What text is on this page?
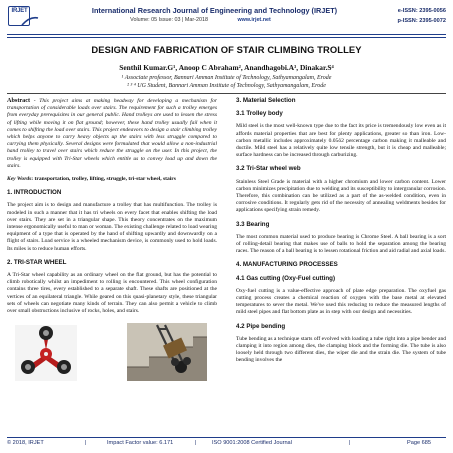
IRJET	International Research Journal of Engineering and Technology (IRJET)
Volume: 05 Issue: 03 | Mar-2018	www.irjet.net
e-ISSN: 2395-0056
p-ISSN: 2395-0072
DESIGN AND FABRICATION OF STAIR CLIMBING TROLLEY
Senthil Kumar.G¹, Anoop C Abraham², Anandhagobi.A³, Dinakar.S⁴
¹ Associate professor, Bannari Amman Institute of Technology, Sathyamangalam, Erode
² ³ ⁴ UG Student, Bannari Amman Institute of Technology, Sathyamangalam, Erode

Abstract - This project aims at making headway for developing a mechanism for transportation of considerable loads over stairs. The requirement for such a trolley emerges from everyday prerequisites in our general public. Hand trolleys are used to lessen the stress of lifting while moving it on flat ground; however, these hand trolley usually fail when it comes to shifting the load over stairs. This project endeavors to design a stair climbing trolley which helps anyone to carry heavy objects up the stairs with less struggle compared to carrying them physically. Several designs were formulated that would allow a non-industrial hand trolley to travel over stairs which reduce the struggle on the user. In this project, the trolley is equipped with Tri-Star wheels which entitle us to convey load up and down the stairs.

Key Words: transportation, trolley, lifting, struggle, tri-star wheel, stairs

1. INTRODUCTION

The project aim is to design and manufacture a trolley that has multifunction. The trolley is modeled in such a manner that it has tri wheels on every facet that enables shifting the load over stairs. They are set in a triangular shape. This theory concentrates on the maximum intense ergonomically useful to man or woman. The existing challenge related to load wearing equipment of a type that is operated by the hand of shifting upwardly and downwardly on a flight of stairs. Load service is a wheeled mechanism device, is commonly used to hold loads. Its miles is to reduce human efforts.

2. TRI-STAR WHEEL

A Tri-Star wheel capability as an ordinary wheel on the flat ground, but has the potential to climb robotically whilst an impediment to rolling is encountered. This wheel configuration contains three tires, every established to a separate shaft. These shafts are positioned at the vertices of an equilateral triangle. While geared on this quasi-planetary style, these triangular sets of wheels can negotiate many kinds of terrain. They can also permit a vehicle to climb over small obstructions inclusive of rocks, holes, and stairs.

3. Material Selection
3.1 Trolley body

Mild steel is the most well-known type due to the fact its price is tremendously low even as it affords material properties that are best for plenty applications, greater so than iron. Low-carbon metallic includes approximately 0.05ô2 percentage carbon making it malleable and ductile. Mild steel has a relatively quite low tensile strength, but it is cheap and malleable; surface hardness can be increased through carburizing.

3.2 Tri-Star wheel web

Stainless Steel Grade is material with a higher chromium and lower carbon content. Lower carbon minimizes precipitation due to welding and its susceptibility to intergranular corrosion. Therefore, this combination can be utilized as a part of the as-welded condition, even in corrosive conditions. It regularly gets rid of the necessity of annealing weldments besides for applications specifying strain remedy.

3.3 Bearing

The most common material used to produce bearing is Chrome Steel. A ball bearing is a sort of rolling-detail bearing that makes use of balls to hold the separation among the bearing races. The reason of a ball bearing is to lessen rotational friction and aid radial and axial loads.

4. MANUFACTURING PROCESSES
4.1 Gas cutting (Oxy-Fuel cutting)

Oxy-fuel cutting is a value-effective approach of plate edge preparation. The oxyfuel gas cutting process creates a chemical reaction of oxygen with the base metal at elevated temperatures to sever the metal. We've used this reducing to reduce the measured lengths of mild steel pipes and flat bottom plate as in step with our design and necessities.

4.2 Pipe bending

Tube bending as a technique starts off evolved with loading a tube right into a pipe bender and clamping it into region among dies, the clamping block and the forming die. The tube is also loosely held through two different dies, the wiper die and the strain die. The system of tube bending involves the

© 2018, IRJET	|	Impact Factor value: 6.171	|	ISO 9001:2008 Certified Journal	|	Page 685
